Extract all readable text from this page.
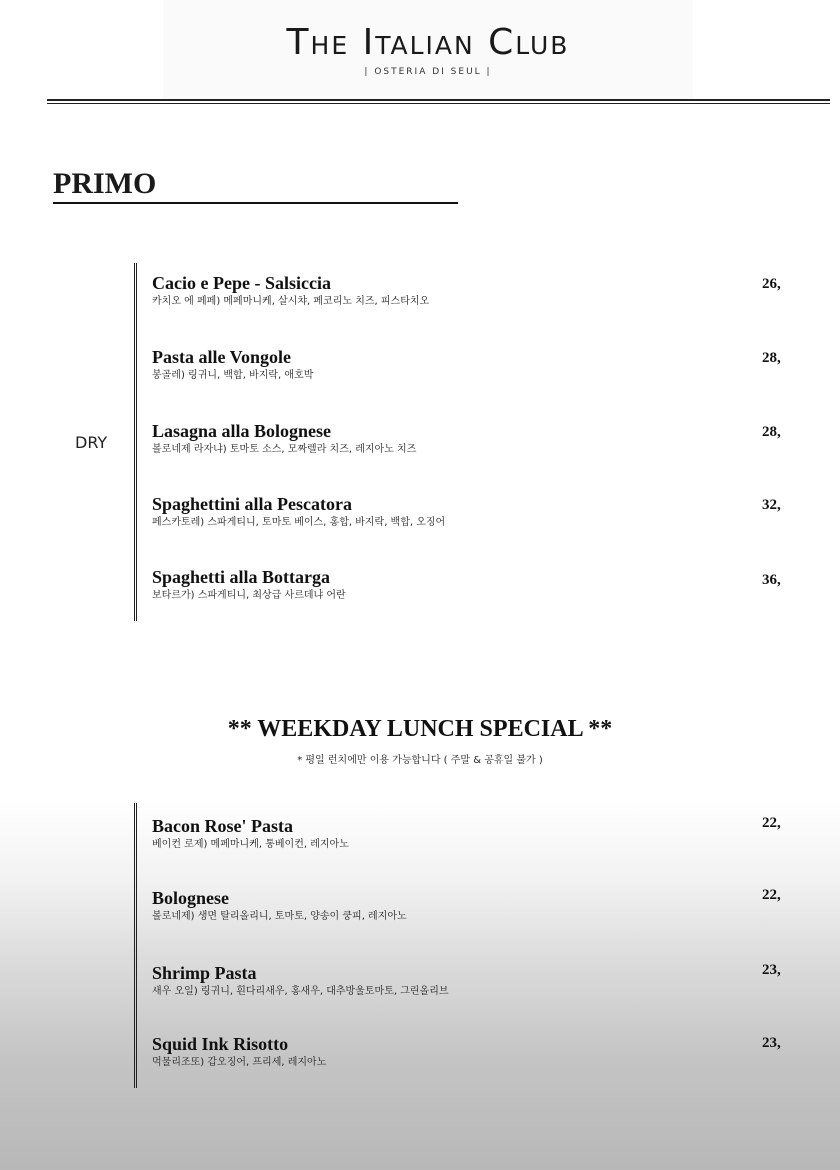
The Italian Club
| OSTERIA DI SEUL |
PRIMO
DRY
Cacio e Pepe - Salsiccia
카치오 에 페페) 메페마니케, 살시챠, 페코리노 치즈, 피스타치오
26,
Pasta alle Vongole
봉골레) 링귀니, 백합, 바지락, 애호박
28,
Lasagna alla Bolognese
볼로네제 라자냐) 토마토 소스, 모짜렐라 치즈, 레지아노 치즈
28,
Spaghettini alla Pescatora
페스카토레) 스파게티니, 토마토 베이스, 홍합, 바지락, 백합, 오징어
32,
Spaghetti alla Bottarga
보타르가) 스파게티니, 최상급 사르데냐 어란
36,
** WEEKDAY LUNCH SPECIAL **
* 평일 런치에만 이용 가능합니다 ( 주말 & 공휴일 불가 )
Bacon Rose' Pasta
베이컨 로제) 메페마니케, 통베이컨, 레지아노
22,
Bolognese
볼로네제) 생면 탈리올리니, 토마토, 양송이 쿵피, 레지아노
22,
Shrimp Pasta
새우 오일) 링귀니, 흰다리새우, 홍새우, 대추방울토마토, 그린올리브
23,
Squid Ink Risotto
먹물리조또) 갑오징어, 프리세, 레지아노
23,
